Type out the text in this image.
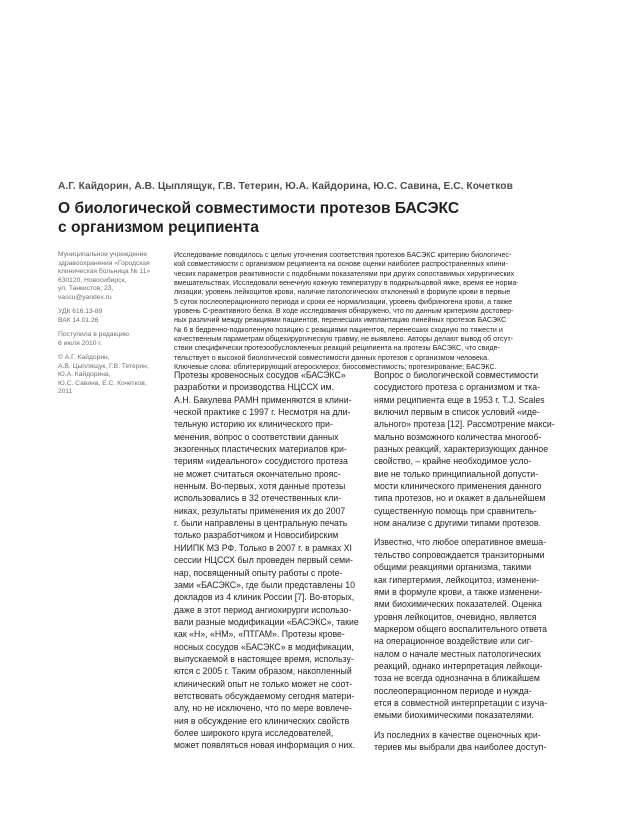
А.Г. Кайдорин, А.В. Цыплящук, Г.В. Тетерин, Ю.А. Кайдорина, Ю.С. Савина, Е.С. Кочетков
О биологической совместимости протезов БАСЭКС
с организмом реципиента
Муниципальное учреждение
здравоохранения «Городская
клиническая больница № 11»
630120, Новосибирск,
ул. Танкистов, 23,
vascu@yandex.ru
УДК 616.13-89
ВАК 14.01.26
Поступила в редакцию
6 июля 2010 г.
© А.Г. Кайдорин,
А.В. Цыплящук, Г.В. Тетерин,
Ю.А. Кайдорина,
Ю.С. Савина, Е.С. Кочетков,
2011
Исследование поводилось с целью уточнения соответствия протезов БАСЭКС критерию биологичес-
кой совместимости с организмом реципиента на основе оценки наиболее распространенных клини-
ческих параметров реактивности с подобными показателями при других сопоставимых хирургических
вмешательствах. Исследовали венечную кожную температуру в подкрыльцовой ямке, время ее норма-
лизации; уровень лейкоцитов крови, наличие патологических отклонений в формуле крови в первые
5 суток послеоперационного периода и сроки ее нормализации, уровень фибриногена крови, а также
уровень С-реактивного белка. В ходе исследования обнаружено, что по данным критериям достовер-
ных различий между реакциями пациентов, перенесших имплантацию линейных протезов БАСЭКС
№ 6 в бедренно-подколенную позицию с реакциями пациентов, перенесших сходную по тяжести и
качественным параметрам общехирургическую травму, не выявлено. Авторы делают вывод об отсут-
ствии специфически протезообусловленных реакций реципиента на протезы БАСЭКС, что свиде-
тельствует о высокой биологической совместимости данных протезов с организмом человека.
Ключевые слова: облитерирующий атеросклероз; биосовместимость; протезирование; БАСЭКС.
Протезы кровеносных сосудов «БАСЭКС»
разработки и производства НЦССХ им.
А.Н. Бакулева РАМН применяются в клини-
ческой практике с 1997 г. Несмотря на дли-
тельную историю их клинического при-
менения, вопрос о соответствии данных
экзогенных пластических материалов кри-
териям «идеального» сосудистого протеза
не может считаться окончательно прояс-
ненным. Во-первых, хотя данные протезы
использовались в 32 отечественных кли-
никах, результаты применения их до 2007
г. были направлены в центральную печать
только разработчиком и Новосибирским
НИИПК МЗ РФ. Только в 2007 г. в рамках XI
сессии НЦССХ был проведен первый семи-
нар, посвященный опыту работы с прote-
зами «БАСЭКС», где были представлены 10
докладов из 4 клиник России [7]. Во-вторых,
даже в этот период ангиохирурги использо-
вали разные модификации «БАСЭКС», такие
как «Н», «НМ», «ПТГАМ». Протезы крове-
носных сосудов «БАСЭКС» в модификации,
выпускаемой в настоящее время, использу-
ются с 2005 г. Таким образом, накопленный
клинический опыт не только может не соот-
ветствовать обсуждаемому сегодня матери-
алу, но не исключено, что по мере вовлече-
ния в обсуждение его клинических свойств
более широкого круга исследователей,
может появляться новая информация о них.
Вопрос о биологической совместимости
сосудистого протеза с организмом и тка-
нями реципиента еще в 1953 г. T.J. Scales
включил первым в список условий «иде-
ального» протеза [12]. Рассмотрение макси-
мально возможного количества многооб-
разных реакций, характеризующих данное
свойство, – крайне необходимое усло-
вие не только принципиальной допусти-
мости клинического применения данного
типа протезов, но и окажет в дальнейшем
существенную помощь при сравнитель-
ном анализе с другими типами протезов.
Известно, что любое оперативное вмеша-
тельство сопровождается транзиторными
общими реакциями организма, такими
как гипертермия, лейкоцитоз, изменени-
ями в формуле крови, а также изменени-
ями биохимических показателей. Оценка
уровня лейкоцитов, очевидно, является
маркером общего воспалительного ответа
на операционное воздействие или сиг-
налом о начале местных патологических
реакций, однако интерпретация лейкоци-
тоза не всегда однозначна в ближайшем
послеоперационном периоде и нужда-
ется в совместной интерпретации с изуча-
емыми биохимическими показателями.
Из последних в качестве оценочных кри-
териев мы выбрали два наиболее доступ-
